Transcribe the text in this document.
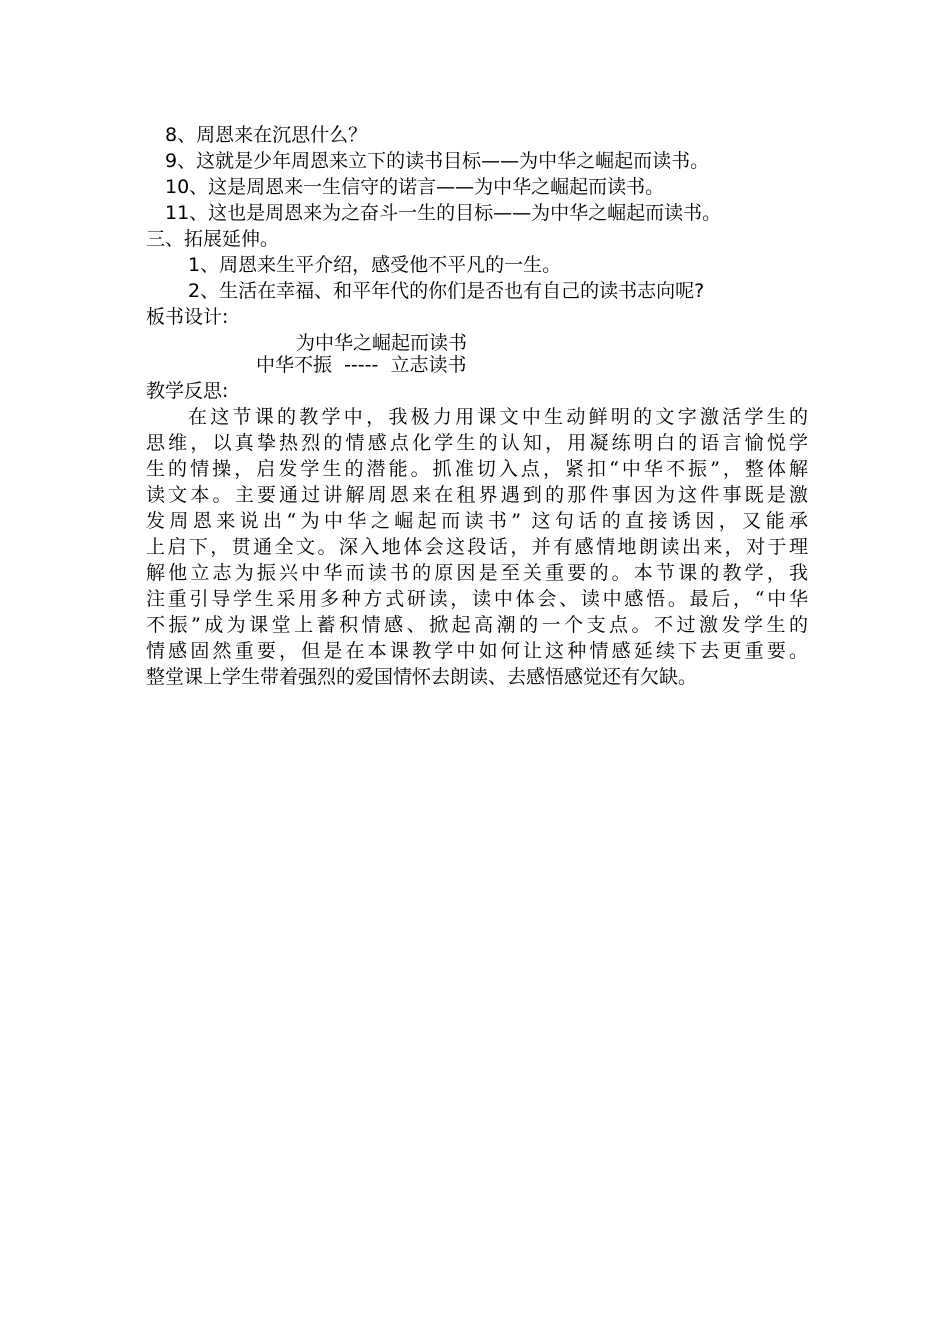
8、周恩来在沉思什么？
9、这就是少年周恩来立下的读书目标——为中华之崛起而读书。
10、这是周恩来一生信守的诺言——为中华之崛起而读书。
11、这也是周恩来为之奋斗一生的目标——为中华之崛起而读书。
三、拓展延伸。
1、周恩来生平介绍，感受他不平凡的一生。
2、生活在幸福、和平年代的你们是否也有自己的读书志向呢?
板书设计:
为中华之崛起而读书
中华不振  -----  立志读书
教学反思:
在这节课的教学中，我极力用课文中生动鲜明的文字激活学生的
思维，以真挚热烈的情感点化学生的认知，用凝练明白的语言愉悦学
生的情操，启发学生的潜能。抓准切入点，紧扣“中华不振”，整体解
读文本。主要通过讲解周恩来在租界遇到的那件事因为这件事既是激
发周恩来说出“为中华之崛起而读书” 这句话的直接诱因，又能承
上启下，贯通全文。深入地体会这段话，并有感情地朗读出来，对于理
解他立志为振兴中华而读书的原因是至关重要的。本节课的教学，我
注重引导学生采用多种方式研读，读中体会、读中感悟。最后，“中华
不振”成为课堂上蓄积情感、掀起高潮的一个支点。不过激发学生的
情感固然重要，但是在本课教学中如何让这种情感延续下去更重要。
整堂课上学生带着强烈的爱国情怀去朗读、去感悟感觉还有欠缺。
